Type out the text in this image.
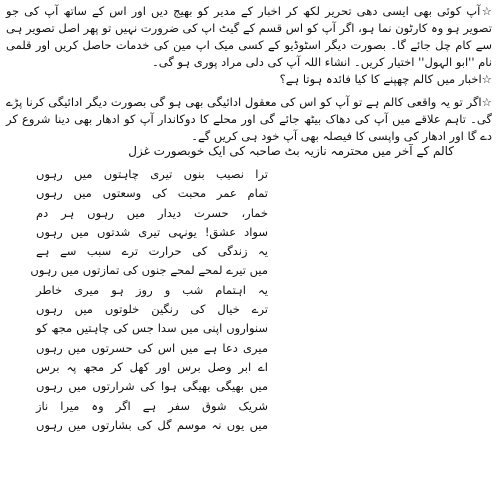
☆آپ کوئی بھی ایسی دھی تحریر لکھ کر اخبار کے مدیر کو بھیج دیں اور اس کے ساتھ آپ کی جو تصویر ہو وہ کارٹون نما ہو، اگر آپ کو اس قسم کے گیٹ اپ کی ضرورت نہیں تو پھر اصل تصویر ہی سے کام چل جائے گا۔ بصورت دیگر اسٹوڈیو کے کسی میک اپ مین کی خدمات حاصل کریں اور قلمی نام ''ابو الہول'' اختیار کریں۔ انشاء اللہ آپ کی دلی مراد پوری ہو گی۔
☆اخبار میں کالم چھپنے کا کیا فائدہ ہوتا ہے؟
☆اگر تو یہ واقعی کالم ہے تو آپ کو اس کی معقول ادائیگی بھی ہو گی بصورت دیگر ادائیگی کرنا پڑے گی۔ تاہم علاقے میں آپ کی دھاک بیٹھ جائے گی اور محلے کا دوکاندار آپ کو ادھار بھی دینا شروع کر دے گا اور ادھار کی واپسی کا فیصلہ بھی آپ خود ہی کریں گے۔
کالم کے آخر میں محترمہ نازیہ بٹ صاحبہ کی ایک خوبصورت غزل
ترا نصیب بنوں تیری چاہتوں میں رہوں
تمام عمر محبت کی وسعتوں میں رہوں
خمار، حسرت دیدار میں رہوں ہر دم
سواد عشق! یونہی تیری شدتوں میں رہوں
یہ زندگی کی حرارت ترے سبب سے ہے
میں تیرے لمحے لمحے جنوں کی تمازتوں میں رہوں
یہ اہتمام شب و روز ہو میری خاطر
ترے خیال کی رنگین خلوتوں میں رہوں
سنواروں اپنی میں سدا جس کی چاہتیں مجھ کو
میری دعا ہے میں اس کی حسرتوں میں رہوں
اے ابر وصل برس اور کھل کر مجھ پہ برس
میں بھیگی بھیگی ہوا کی شرارتوں میں رہوں
شریک شوق سفر ہے اگر وہ میرا ناز
میں یوں نہ موسم گل کی بشارتوں میں رہوں
